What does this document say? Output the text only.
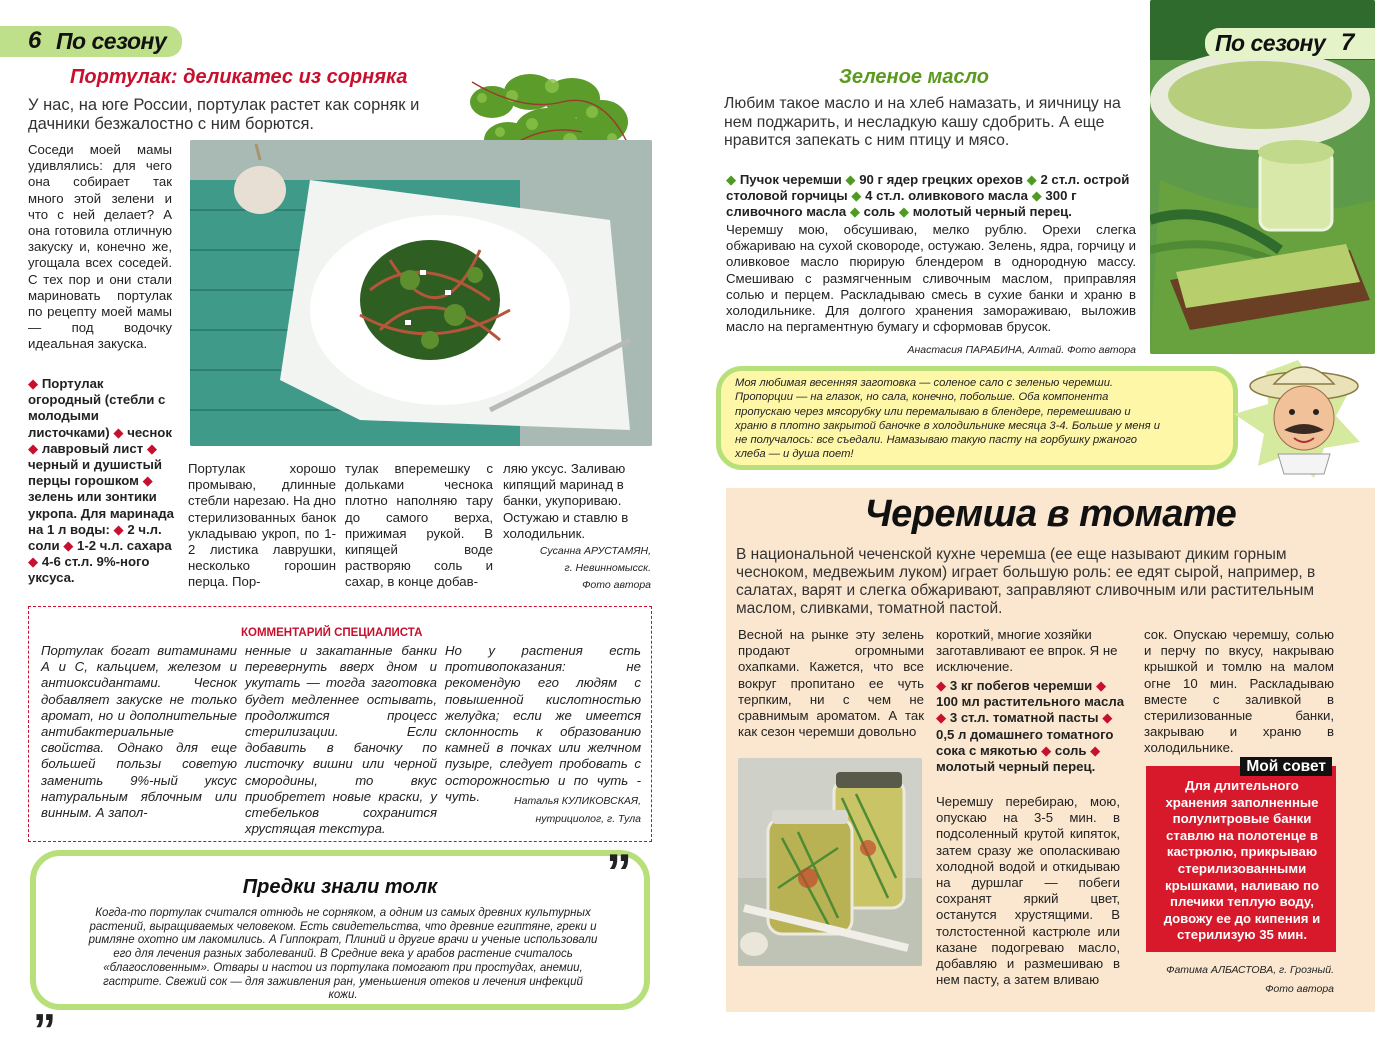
6 По сезону
Портулак: деликатес из сорняка
У нас, на юге России, портулак растет как сорняк и дачники безжалостно с ним борются.
Соседи моей мамы удивлялись: для чего она собирает так много этой зелени и что с ней делает? А она готовила отличную закуску и, конечно же, угощала всех соседей. С тех пор и они стали мариновать портулак по рецепту моей мамы — под водочку идеальная закуска.
◆ Портулак огородный (стебли с молодыми листочками) ◆ чеснок ◆ лавровый лист ◆ черный и душистый перцы горошком ◆ зелень или зонтики укропа. Для маринада на 1 л воды: ◆ 2 ч.л. соли ◆ 1-2 ч.л. сахара ◆ 4-6 ст.л. 9%-ного уксуса.
Портулак хорошо промываю, длинные стебли нарезаю. На дно стерилизованных банок укладываю укроп, по 1-2 листика лаврушки, несколько горошин перца. Пор-
тулак вперемешку с дольками чеснока плотно наполняю тару до самого верха, прижимая рукой. В кипящей воде растворяю соль и сахар, в конце добав-
ляю уксус. Заливаю кипящий маринад в банки, укупориваю. Остужаю и ставлю в холодильник.
Сусанна АРУСТАМЯН,
г. Невинномысск.
Фото автора
КОММЕНТАРИЙ СПЕЦИАЛИСТА
Портулак богат витаминами А и С, кальцием, железом и антиоксидантами. Чеснок добавляет закуске не только аромат, но и дополнительные антибактериальные свойства. Однако для еще большей пользы советую заменить 9%-ный уксус натуральным яблочным или винным. А запол-
ненные и закатанные банки перевернуть вверх дном и укутать — тогда заготовка будет медленнее остывать, продолжится процесс стерилизации. Если добавить в баночку по листочку вишни или черной смородины, то вкус приобретет новые краски, у стебельков сохранится хрустящая текстура.
Но у растения есть противопоказания: не рекомендую его людям с повышенной кислотностью желудка; если же имеется склонность к образованию камней в почках или желчном пузыре, следует пробовать с осторожностью и по чуть - чуть.	Наталья КУЛИКОВСКАЯ,
нутрициолог, г. Тула
Предки знали толк
Когда-то портулак считался отнюдь не сорняком, а одним из самых древних культурных растений, выращиваемых человеком. Есть свидетельства, что древние египтяне, греки и римляне охотно им лакомились. А Гиппократ, Плиний и другие врачи и ученые использовали его для лечения разных заболеваний. В Средние века у арабов растение считалось «благословенным». Отвары и настои из портулака помогают при простудах, анемии, гастрите. Свежий сок — для заживления ран, уменьшения отеков и лечения инфекций кожи.
„
”
По сезону 7
Зеленое масло
Любим такое масло и на хлеб намазать, и яичницу на нем поджарить, и несладкую кашу сдобрить. А еще нравится запекать с ним птицу и мясо.
◆ Пучок черемши ◆ 90 г ядер грецких орехов ◆ 2 ст.л. острой столовой горчицы ◆ 4 ст.л. оливкового масла ◆ 300 г сливочного масла ◆ соль ◆ молотый черный перец.
Черемшу мою, обсушиваю, мелко рублю. Орехи слегка обжариваю на сухой сковороде, остужаю. Зелень, ядра, горчицу и оливковое масло пюрирую блендером в однородную массу. Смешиваю с размягченным сливочным маслом, приправляя солью и перцем. Раскладываю смесь в сухие банки и храню в холодильнике. Для долгого хранения замораживаю, выложив масло на пергаментную бумагу и сформовав брусок.
Анастасия ПАРАБИНА, Алтай. Фото автора
Моя любимая весенняя заготовка — соленое сало с зеленью черемши. Пропорции — на глазок, но сала, конечно, побольше. Оба компонента пропускаю через мясорубку или перемалываю в блендере, перемешиваю и храню в плотно закрытой баночке в холодильнике месяца 3-4. Больше у меня и не получалось: все съедали. Намазываю такую пасту на горбушку ржаного хлеба — и душа поет!
Черемша в томате
В национальной чеченской кухне черемша (ее еще называют диким горным чесноком, медвежьим луком) играет большую роль: ее едят сырой, например, в салатах, варят и слегка обжаривают, заправляют сливочным или растительным маслом, сливками, томатной пастой.
Весной на рынке эту зелень продают огромными охапками. Кажется, что все вокруг пропитано ее чуть терпким, ни с чем не сравнимым ароматом. А так как сезон черемши довольно
короткий, многие хозяйки заготавливают ее впрок. Я не исключение.
◆ 3 кг побегов черемши ◆ 100 мл растительного масла ◆ 3 ст.л. томатной пасты ◆ 0,5 л домашнего томатного сока с мякотью ◆ соль ◆ молотый черный перец.
Черемшу перебираю, мою, опускаю на 3-5 мин. в подсоленный крутой кипяток, затем сразу же ополаскиваю холодной водой и откидываю на дуршлаг — побеги сохранят яркий цвет, останутся хрустящими. В толстостенной кастрюле или казане подогреваю масло, добавляю и размешиваю в нем пасту, а затем вливаю
сок. Опускаю черемшу, солью и перчу по вкусу, накрываю крышкой и томлю на малом огне 10 мин. Раскладываю вместе с заливкой в стерилизованные банки, закрываю и храню в холодильнике.
Мой совет
Для длительного хранения заполненные полулитровые банки ставлю на полотенце в кастрюлю, прикрываю стерилизованными крышками, наливаю по плечики теплую воду, довожу ее до кипения и стерилизую 35 мин.
Фатима АЛБАСТОВА, г. Грозный.
Фото автора
